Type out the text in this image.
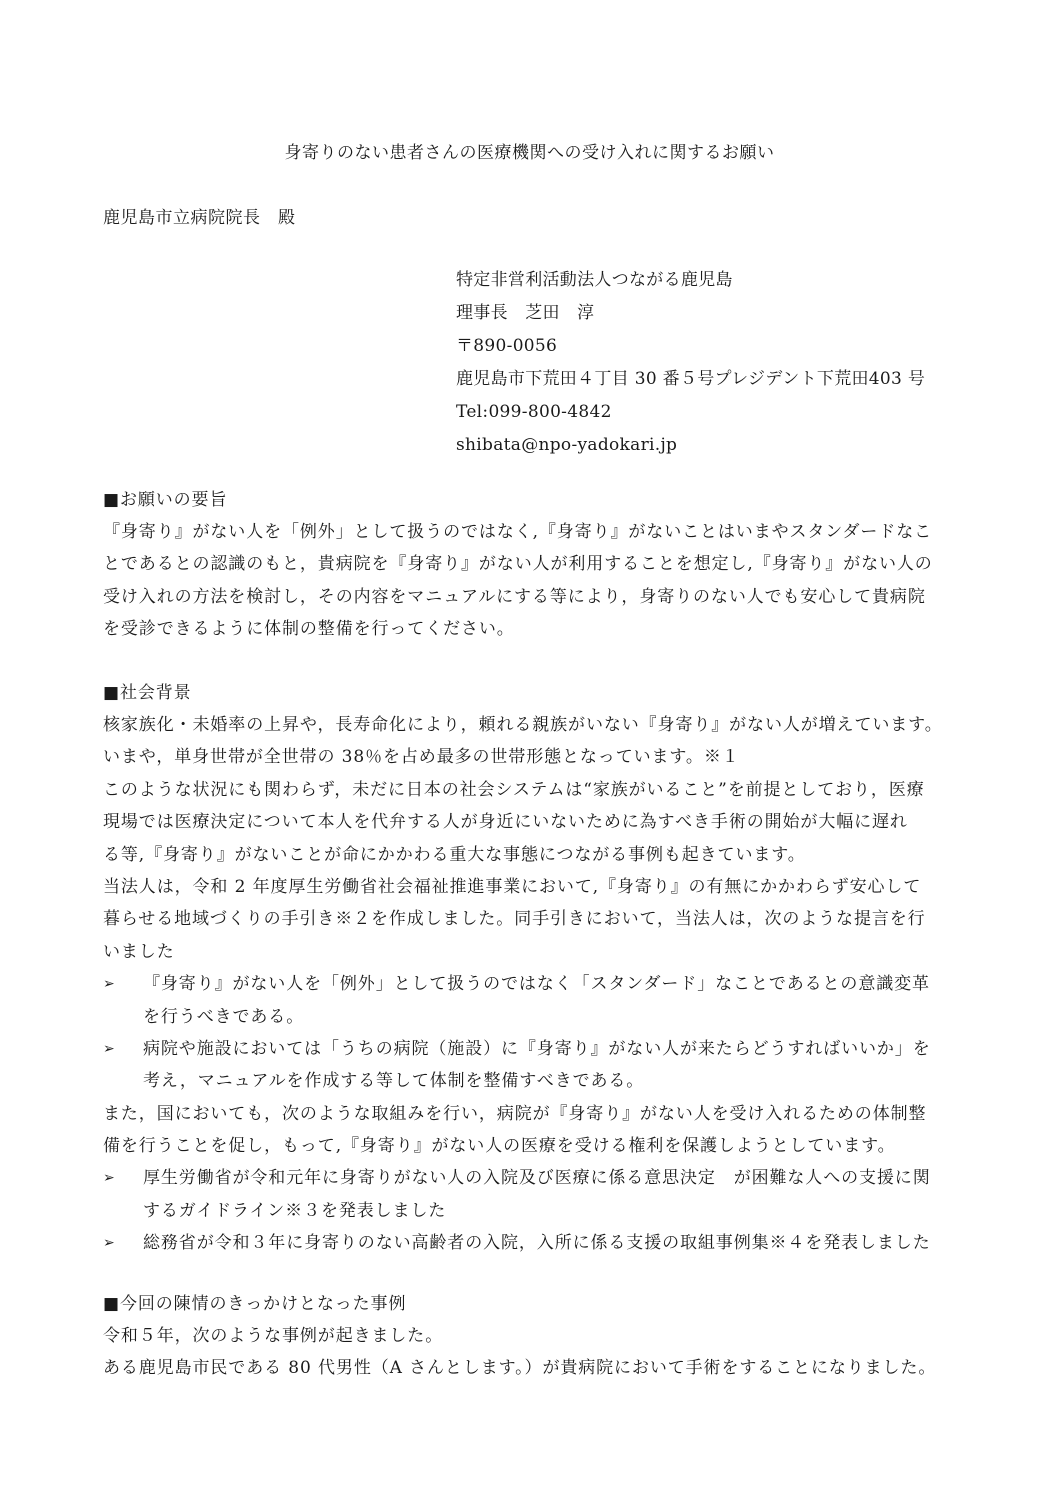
身寄りのない患者さんの医療機関への受け入れに関するお願い
鹿児島市立病院院長　殿
特定非営利活動法人つながる鹿児島
理事長　芝田　淳
〒890-0056
鹿児島市下荒田４丁目 30 番５号プレジデント下荒田403 号
Tel:099-800-4842
shibata@npo-yadokari.jp
■お願いの要旨
『身寄り』がない人を「例外」として扱うのではなく,『身寄り』がないことはいまやスタンダードなこ
とであるとの認識のもと，貴病院を『身寄り』がない人が利用することを想定し,『身寄り』がない人の
受け入れの方法を検討し，その内容をマニュアルにする等により，身寄りのない人でも安心して貴病院
を受診できるように体制の整備を行ってください。
■社会背景
核家族化・未婚率の上昇や，長寿命化により，頼れる親族がいない『身寄り』がない人が増えています。
いまや，単身世帯が全世帯の 38％を占め最多の世帯形態となっています。※１
このような状況にも関わらず，未だに日本の社会システムは“家族がいること”を前提としており，医療
現場では医療決定について本人を代弁する人が身近にいないために為すべき手術の開始が大幅に遅れ
る等,『身寄り』がないことが命にかかわる重大な事態につながる事例も起きています。
当法人は，令和 2 年度厚生労働省社会福祉推進事業において,『身寄り』の有無にかかわらず安心して
暮らせる地域づくりの手引き※２を作成しました。同手引きにおいて，当法人は，次のような提言を行
いました
➢	『身寄り』がない人を「例外」として扱うのではなく「スタンダード」なことであるとの意識変革
を行うべきである。
➢	病院や施設においては「うちの病院（施設）に『身寄り』がない人が来たらどうすればいいか」を
考え，マニュアルを作成する等して体制を整備すべきである。
また，国においても，次のような取組みを行い，病院が『身寄り』がない人を受け入れるための体制整
備を行うことを促し，もって,『身寄り』がない人の医療を受ける権利を保護しようとしています。
➢	厚生労働省が令和元年に身寄りがない人の入院及び医療に係る意思決定　が困難な人への支援に関
するガイドライン※３を発表しました
➢	総務省が令和３年に身寄りのない高齢者の入院，入所に係る支援の取組事例集※４を発表しました
■今回の陳情のきっかけとなった事例
令和５年，次のような事例が起きました。
ある鹿児島市民である 80 代男性（A さんとします。）が貴病院において手術をすることになりました。
